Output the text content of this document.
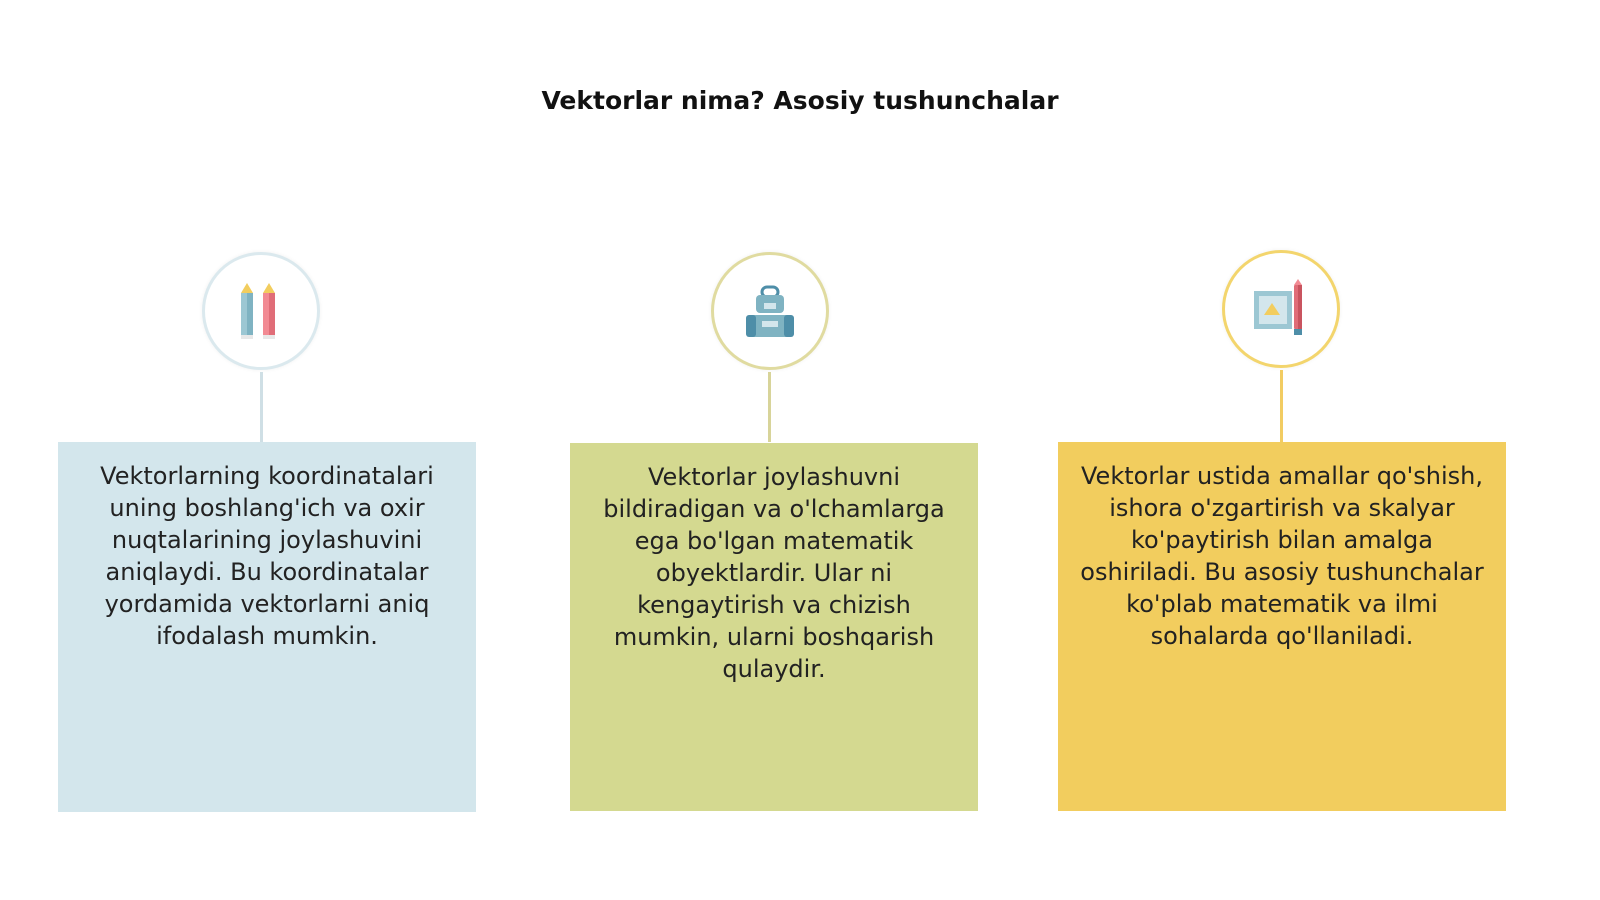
Vektorlar nima? Asosiy tushunchalar

Vektorlarning koordinatalari uning boshlang'ich va oxir nuqtalarining joylashuvini aniqlaydi. Bu koordinatalar yordamida vektorlarni aniq ifodalash mumkin.

Vektorlar joylashuvni bildiradigan va o'lchamlarga ega bo'lgan matematik obyektlardir. Ular ni kengaytirish va chizish mumkin, ularni boshqarish qulaydir.

Vektorlar ustida amallar qo'shish, ishora o'zgartirish va skalyar ko'paytirish bilan amalga oshiriladi. Bu asosiy tushunchalar ko'plab matematik va ilmi sohalarda qo'llaniladi.
